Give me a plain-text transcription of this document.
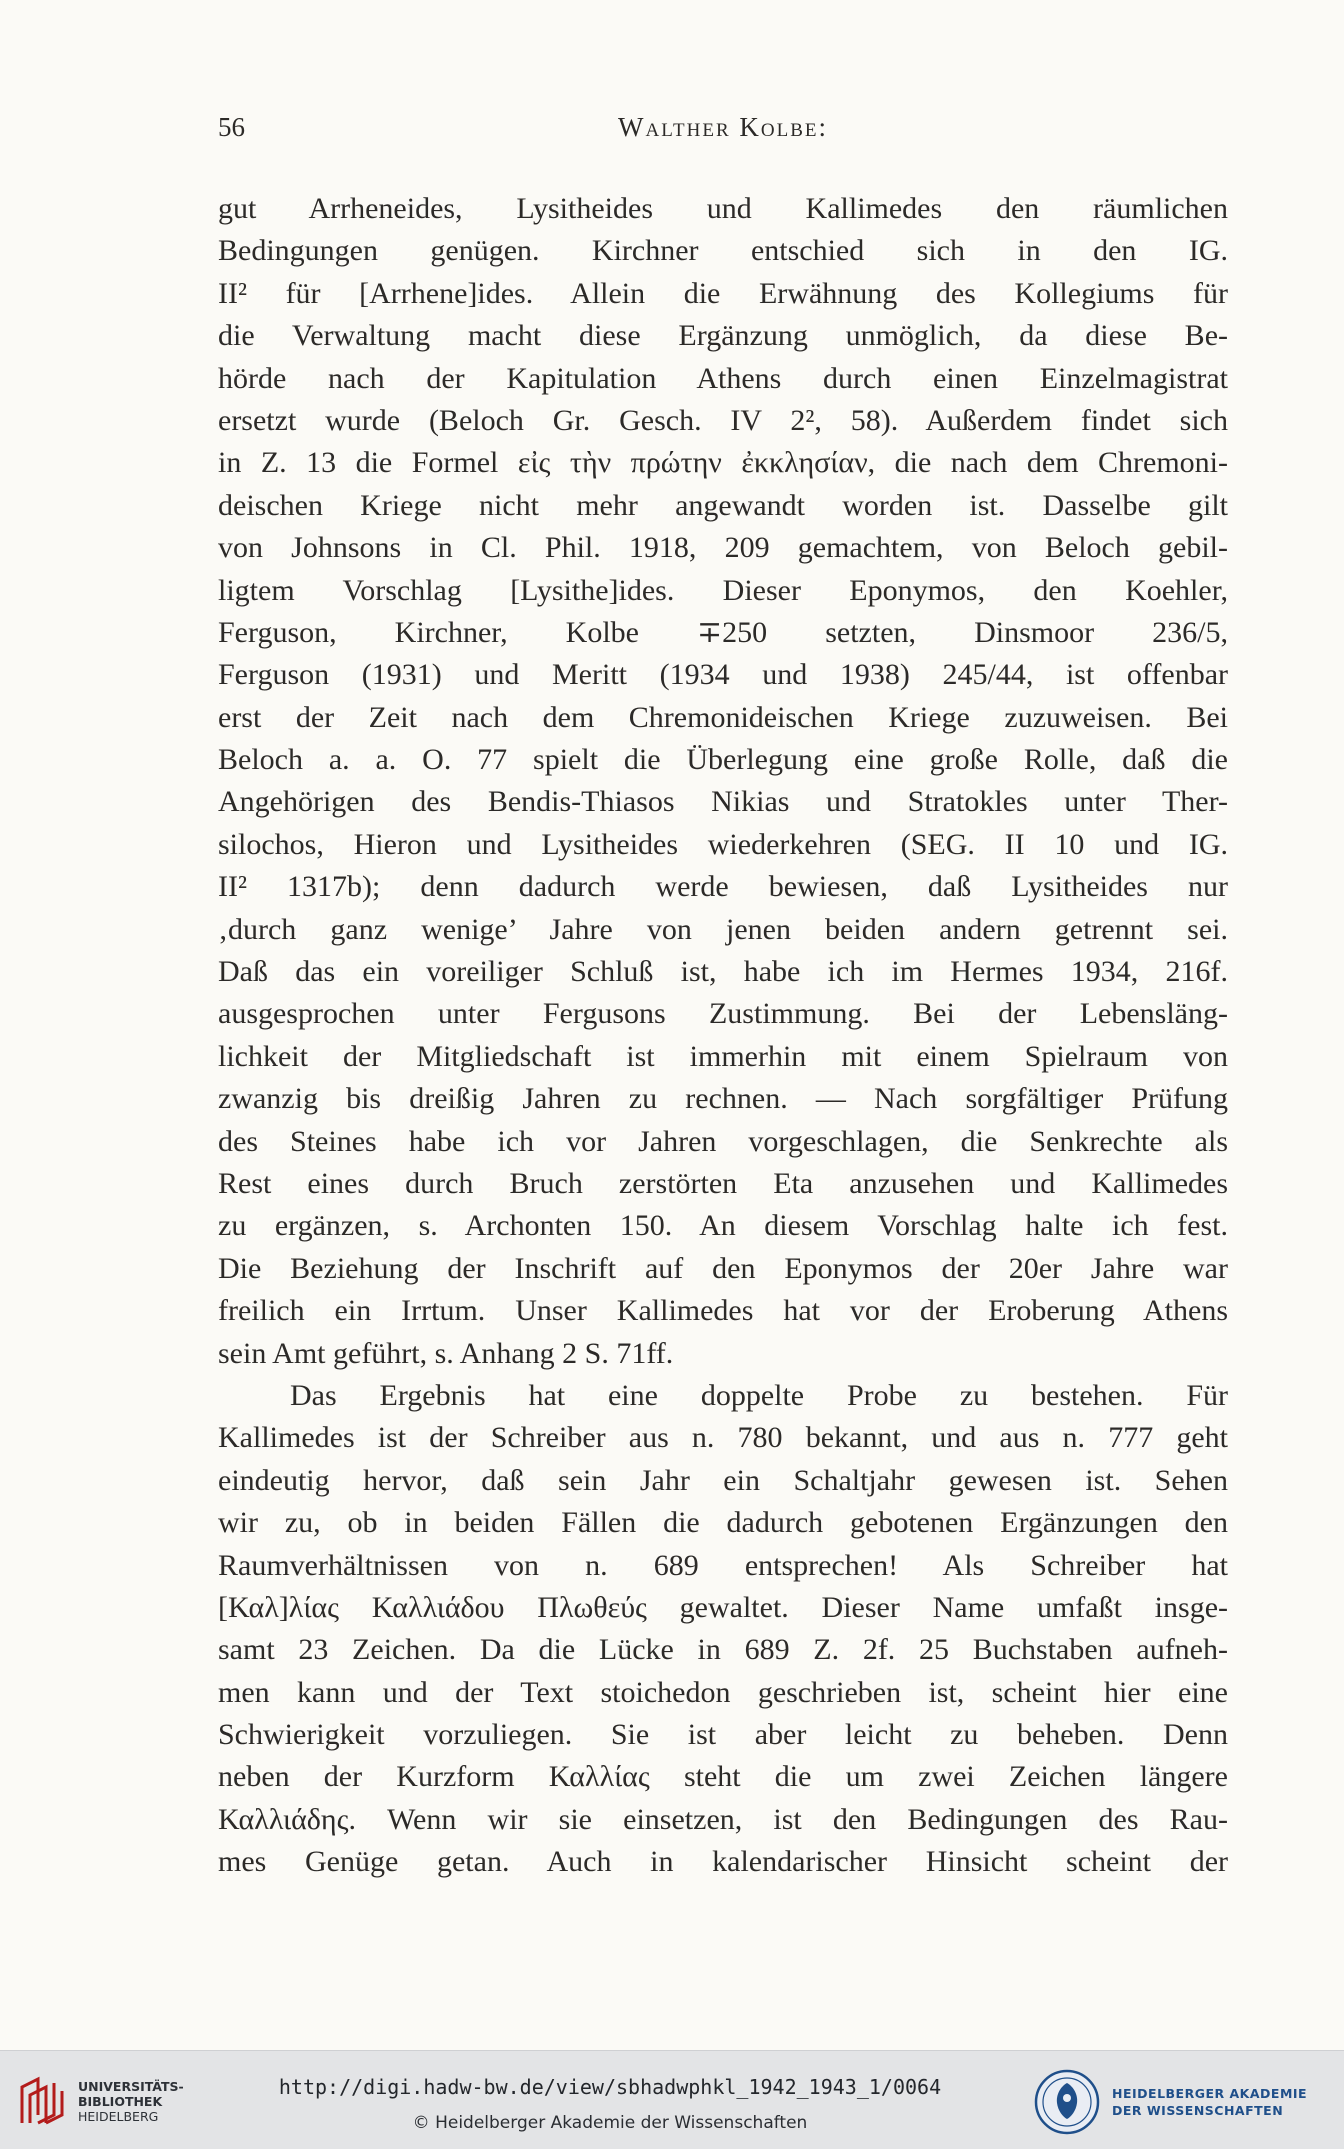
56	Walther Kolbe:
gut Arrheneides, Lysitheides und Kallimedes den räumlichen
Bedingungen genügen. Kirchner entschied sich in den IG.
II² für [Arrhene]ides. Allein die Erwähnung des Kollegiums für
die Verwaltung macht diese Ergänzung unmöglich, da diese Be-
hörde nach der Kapitulation Athens durch einen Einzelmagistrat
ersetzt wurde (Beloch Gr. Gesch. IV 2², 58). Außerdem findet sich
in Z. 13 die Formel εἰς τὴν πρώτην ἐκκλησίαν, die nach dem Chremoni-
deischen Kriege nicht mehr angewandt worden ist. Dasselbe gilt
von Johnsons in Cl. Phil. 1918, 209 gemachtem, von Beloch gebil-
ligtem Vorschlag [Lysithe]ides. Dieser Eponymos, den Koehler,
Ferguson, Kirchner, Kolbe ∓250 setzten, Dinsmoor 236/5,
Ferguson (1931) und Meritt (1934 und 1938) 245/44, ist offenbar
erst der Zeit nach dem Chremonideischen Kriege zuzuweisen. Bei
Beloch a. a. O. 77 spielt die Überlegung eine große Rolle, daß die
Angehörigen des Bendis-Thiasos Nikias und Stratokles unter Ther-
silochos, Hieron und Lysitheides wiederkehren (SEG. II 10 und IG.
II² 1317b); denn dadurch werde bewiesen, daß Lysitheides nur
‚durch ganz wenige’ Jahre von jenen beiden andern getrennt sei.
Daß das ein voreiliger Schluß ist, habe ich im Hermes 1934, 216f.
ausgesprochen unter Fergusons Zustimmung. Bei der Lebensläng-
lichkeit der Mitgliedschaft ist immerhin mit einem Spielraum von
zwanzig bis dreißig Jahren zu rechnen. — Nach sorgfältiger Prüfung
des Steines habe ich vor Jahren vorgeschlagen, die Senkrechte als
Rest eines durch Bruch zerstörten Eta anzusehen und Kallimedes
zu ergänzen, s. Archonten 150. An diesem Vorschlag halte ich fest.
Die Beziehung der Inschrift auf den Eponymos der 20er Jahre war
freilich ein Irrtum. Unser Kallimedes hat vor der Eroberung Athens
sein Amt geführt, s. Anhang 2 S. 71ff.
Das Ergebnis hat eine doppelte Probe zu bestehen. Für
Kallimedes ist der Schreiber aus n. 780 bekannt, und aus n. 777 geht
eindeutig hervor, daß sein Jahr ein Schaltjahr gewesen ist. Sehen
wir zu, ob in beiden Fällen die dadurch gebotenen Ergänzungen den
Raumverhältnissen von n. 689 entsprechen! Als Schreiber hat
[Καλ]λίας Καλλιάδου Πλωθεύς gewaltet. Dieser Name umfaßt insge-
samt 23 Zeichen. Da die Lücke in 689 Z. 2f. 25 Buchstaben aufneh-
men kann und der Text stoichedon geschrieben ist, scheint hier eine
Schwierigkeit vorzuliegen. Sie ist aber leicht zu beheben. Denn
neben der Kurzform Καλλίας steht die um zwei Zeichen längere
Καλλιάδης. Wenn wir sie einsetzen, ist den Bedingungen des Rau-
mes Genüge getan. Auch in kalendarischer Hinsicht scheint der
UNIVERSITÄTS-
BIBLIOTHEK
HEIDELBERG
http://digi.hadw-bw.de/view/sbhadwphkl_1942_1943_1/0064
© Heidelberger Akademie der Wissenschaften
HEIDELBERGER AKADEMIE
DER WISSENSCHAFTEN
